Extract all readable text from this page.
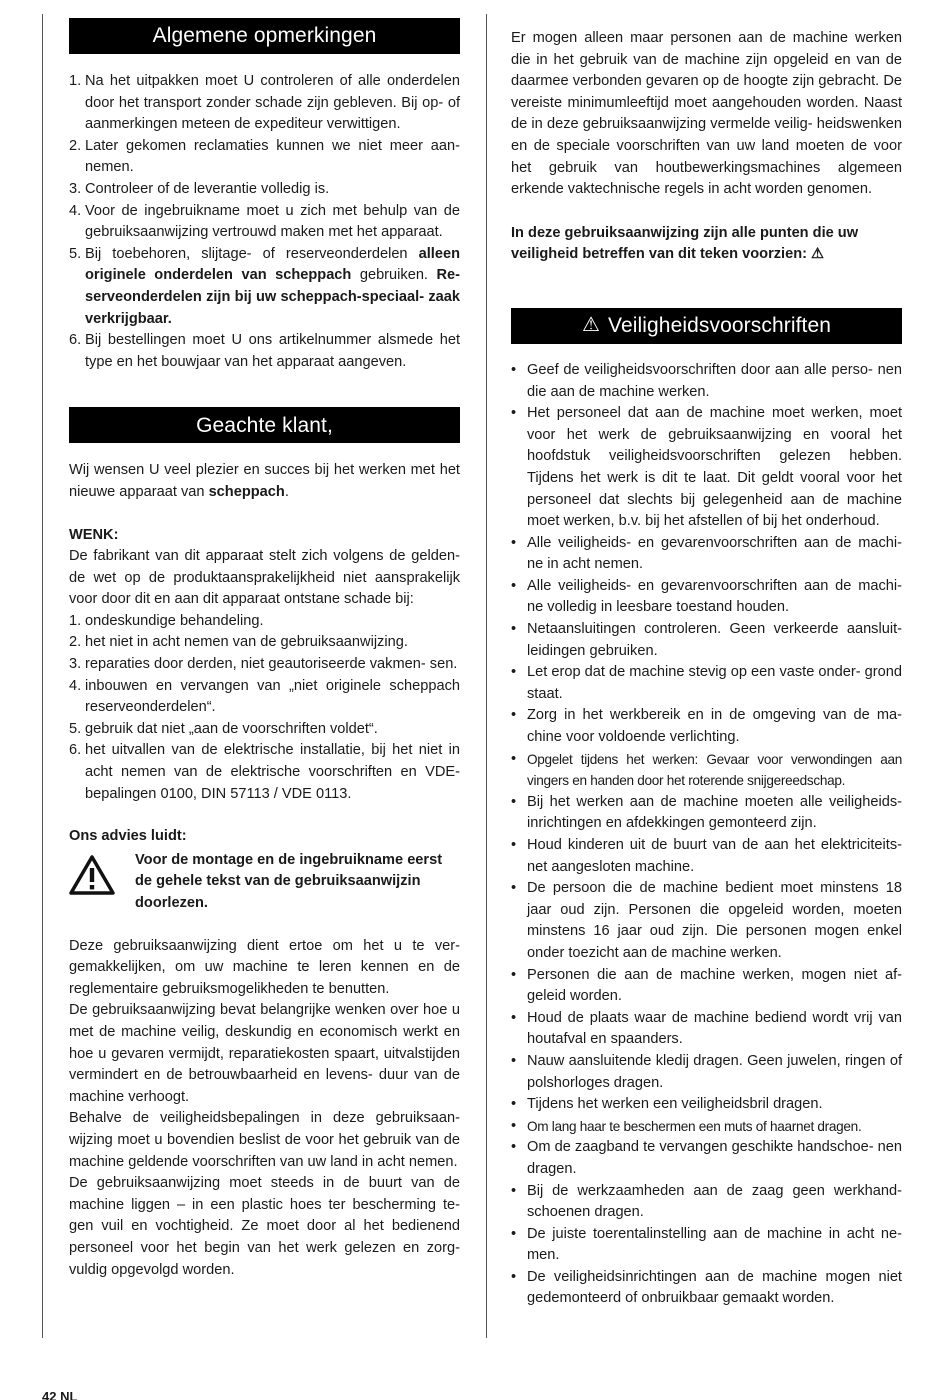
Algemene opmerkingen
1. Na het uitpakken moet U controleren of alle onderdelen door het transport zonder schade zijn gebleven. Bij op- of aanmerkingen meteen de expediteur verwittigen.
2. Later gekomen reclamaties kunnen we niet meer aan- nemen.
3. Controleer of de leverantie volledig is.
4. Voor de ingebruikname moet u zich met behulp van de gebruiksaanwijzing vertrouwd maken met het apparaat.
5. Bij toebehoren, slijtage- of reserveonderdelen alleen originele onderdelen van scheppach gebruiken. Re- serveonderdelen zijn bij uw scheppach-speciaal- zaak verkrijgbaar.
6. Bij bestellingen moet U ons artikelnummer alsmede het type en het bouwjaar van het apparaat aangeven.
Geachte klant,

Wij wensen U veel plezier en succes bij het werken met het nieuwe apparaat van scheppach.

WENK:

De fabrikant van dit apparaat stelt zich volgens de gelden- de wet op de produktaansprakelijkheid niet aansprakelijk voor door dit en aan dit apparaat ontstane schade bij:

1. ondeskundige behandeling.
2. het niet in acht nemen van de gebruiksaanwijzing.
3. reparaties door derden, niet geautoriseerde vakmen- sen.
4. inbouwen en vervangen van „niet originele scheppach reserveonderdelen“.
5. gebruik dat niet „aan de voorschriften voldet“.
6. het uitvallen van de elektrische installatie, bij het niet in acht nemen van de elektrische voorschriften en VDE-bepalingen 0100, DIN 57113 / VDE 0113.

Ons advies luidt:

Voor de montage en de ingebruikname eerst de gehele tekst van de gebruiksaanwijzin doorlezen.

Deze gebruiksaanwijzing dient ertoe om het u te ver- gemakkelijken, om uw machine te leren kennen en de reglementaire gebruiksmogelikheden te benutten.

De gebruiksaanwijzing bevat belangrijke wenken over hoe u met de machine veilig, deskundig en economisch werkt en hoe u gevaren vermijdt, reparatiekosten spaart, uitvalstijden vermindert en de betrouwbaarheid en levens- duur van de machine verhoogt.

Behalve de veiligheidsbepalingen in deze gebruiksaan- wijzing moet u bovendien beslist de voor het gebruik van de machine geldende voorschriften van uw land in acht nemen.

De gebruiksaanwijzing moet steeds in de buurt van de machine liggen – in een plastic hoes ter bescherming te- gen vuil en vochtigheid. Ze moet door al het bedienend personeel voor het begin van het werk gelezen en zorg- vuldig opgevolgd worden.

Er mogen alleen maar personen aan de machine werken die in het gebruik van de machine zijn opgeleid en van de daarmee verbonden gevaren op de hoogte zijn gebracht. De vereiste minimumleeftijd moet aangehouden worden. Naast de in deze gebruiksaanwijzing vermelde veilig- heidswenken en de speciale voorschriften van uw land moeten de voor het gebruik van houtbewerkingsmachines algemeen erkende vaktechnische regels in acht worden genomen.

In deze gebruiksaanwijzing zijn alle punten die uw veiligheid betreffen van dit teken voorzien: ⚠

⚠ Veiligheidsvoorschriften
• Geef de veiligheidsvoorschriften door aan alle perso- nen die aan de machine werken.
• Het personeel dat aan de machine moet werken, moet voor het werk de gebruiksaanwijzing en vooral het hoofdstuk veiligheidsvoorschriften gelezen hebben. Tijdens het werk is dit te laat. Dit geldt vooral voor het personeel dat slechts bij gelegenheid aan de machine moet werken, b.v. bij het afstellen of bij het onderhoud.
• Alle veiligheids- en gevarenvoorschriften aan de machi- ne in acht nemen.
• Alle veiligheids- en gevarenvoorschriften aan de machi- ne volledig in leesbare toestand houden.
• Netaansluitingen controleren. Geen verkeerde aansluit- leidingen gebruiken.
• Let erop dat de machine stevig op een vaste onder- grond staat.
• Zorg in het werkbereik en in de omgeving van de ma- chine voor voldoende verlichting.
• Opgelet tijdens het werken: Gevaar voor verwondingen aan vingers en handen door het roterende snijgereedschap.
• Bij het werken aan de machine moeten alle veiligheids- inrichtingen en afdekkingen gemonteerd zijn.
• Houd kinderen uit de buurt van de aan het elektriciteits- net aangesloten machine.
• De persoon die de machine bedient moet minstens 18 jaar oud zijn. Personen die opgeleid worden, moeten minstens 16 jaar oud zijn. Die personen mogen enkel onder toezicht aan de machine werken.
• Personen die aan de machine werken, mogen niet af- geleid worden.
• Houd de plaats waar de machine bediend wordt vrij van houtafval en spaanders.
• Nauw aansluitende kledij dragen. Geen juwelen, ringen of polshorloges dragen.
• Tijdens het werken een veiligheidsbril dragen.
• Om lang haar te beschermen een muts of haarnet dragen.
• Om de zaagband te vervangen geschikte handschoe- nen dragen.
• Bij de werkzaamheden aan de zaag geen werkhand- schoenen dragen.
• De juiste toerentalinstelling aan de machine in acht ne- men.
• De veiligheidsinrichtingen aan de machine mogen niet gedemonteerd of onbruikbaar gemaakt worden.
42 NL
